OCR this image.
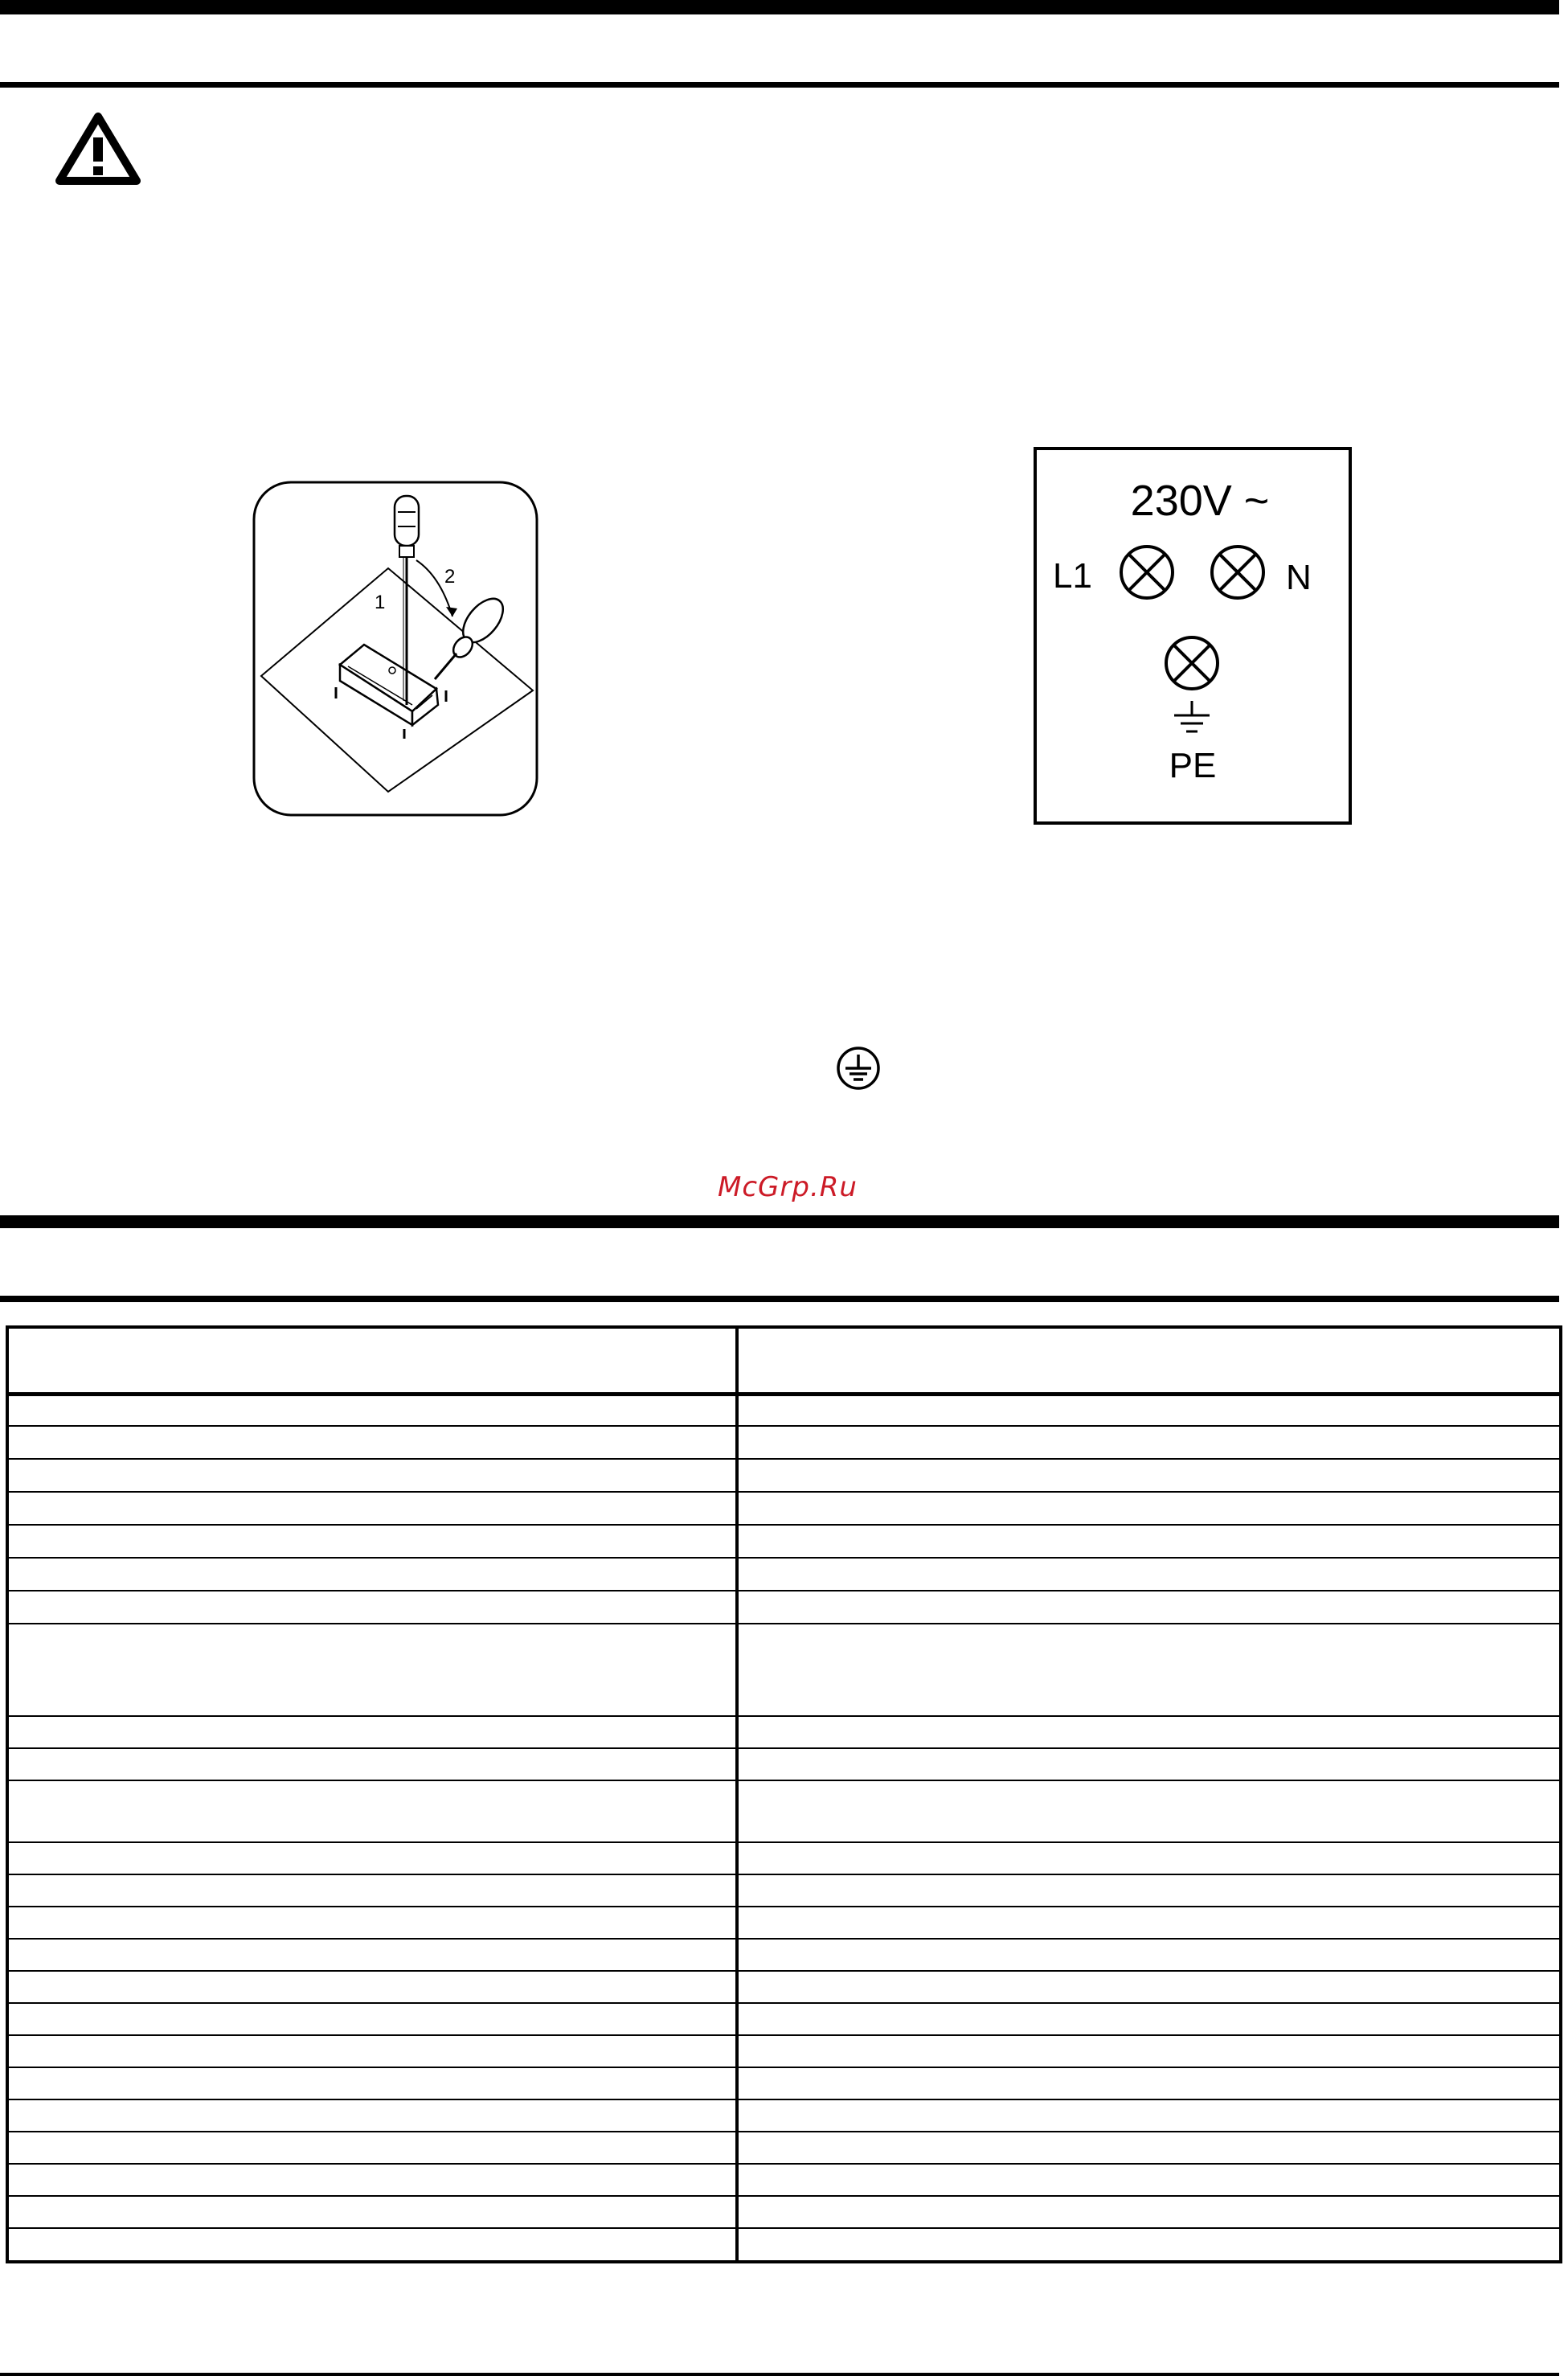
1
2
230V ~
L1	N
PE
McGrp.Ru
